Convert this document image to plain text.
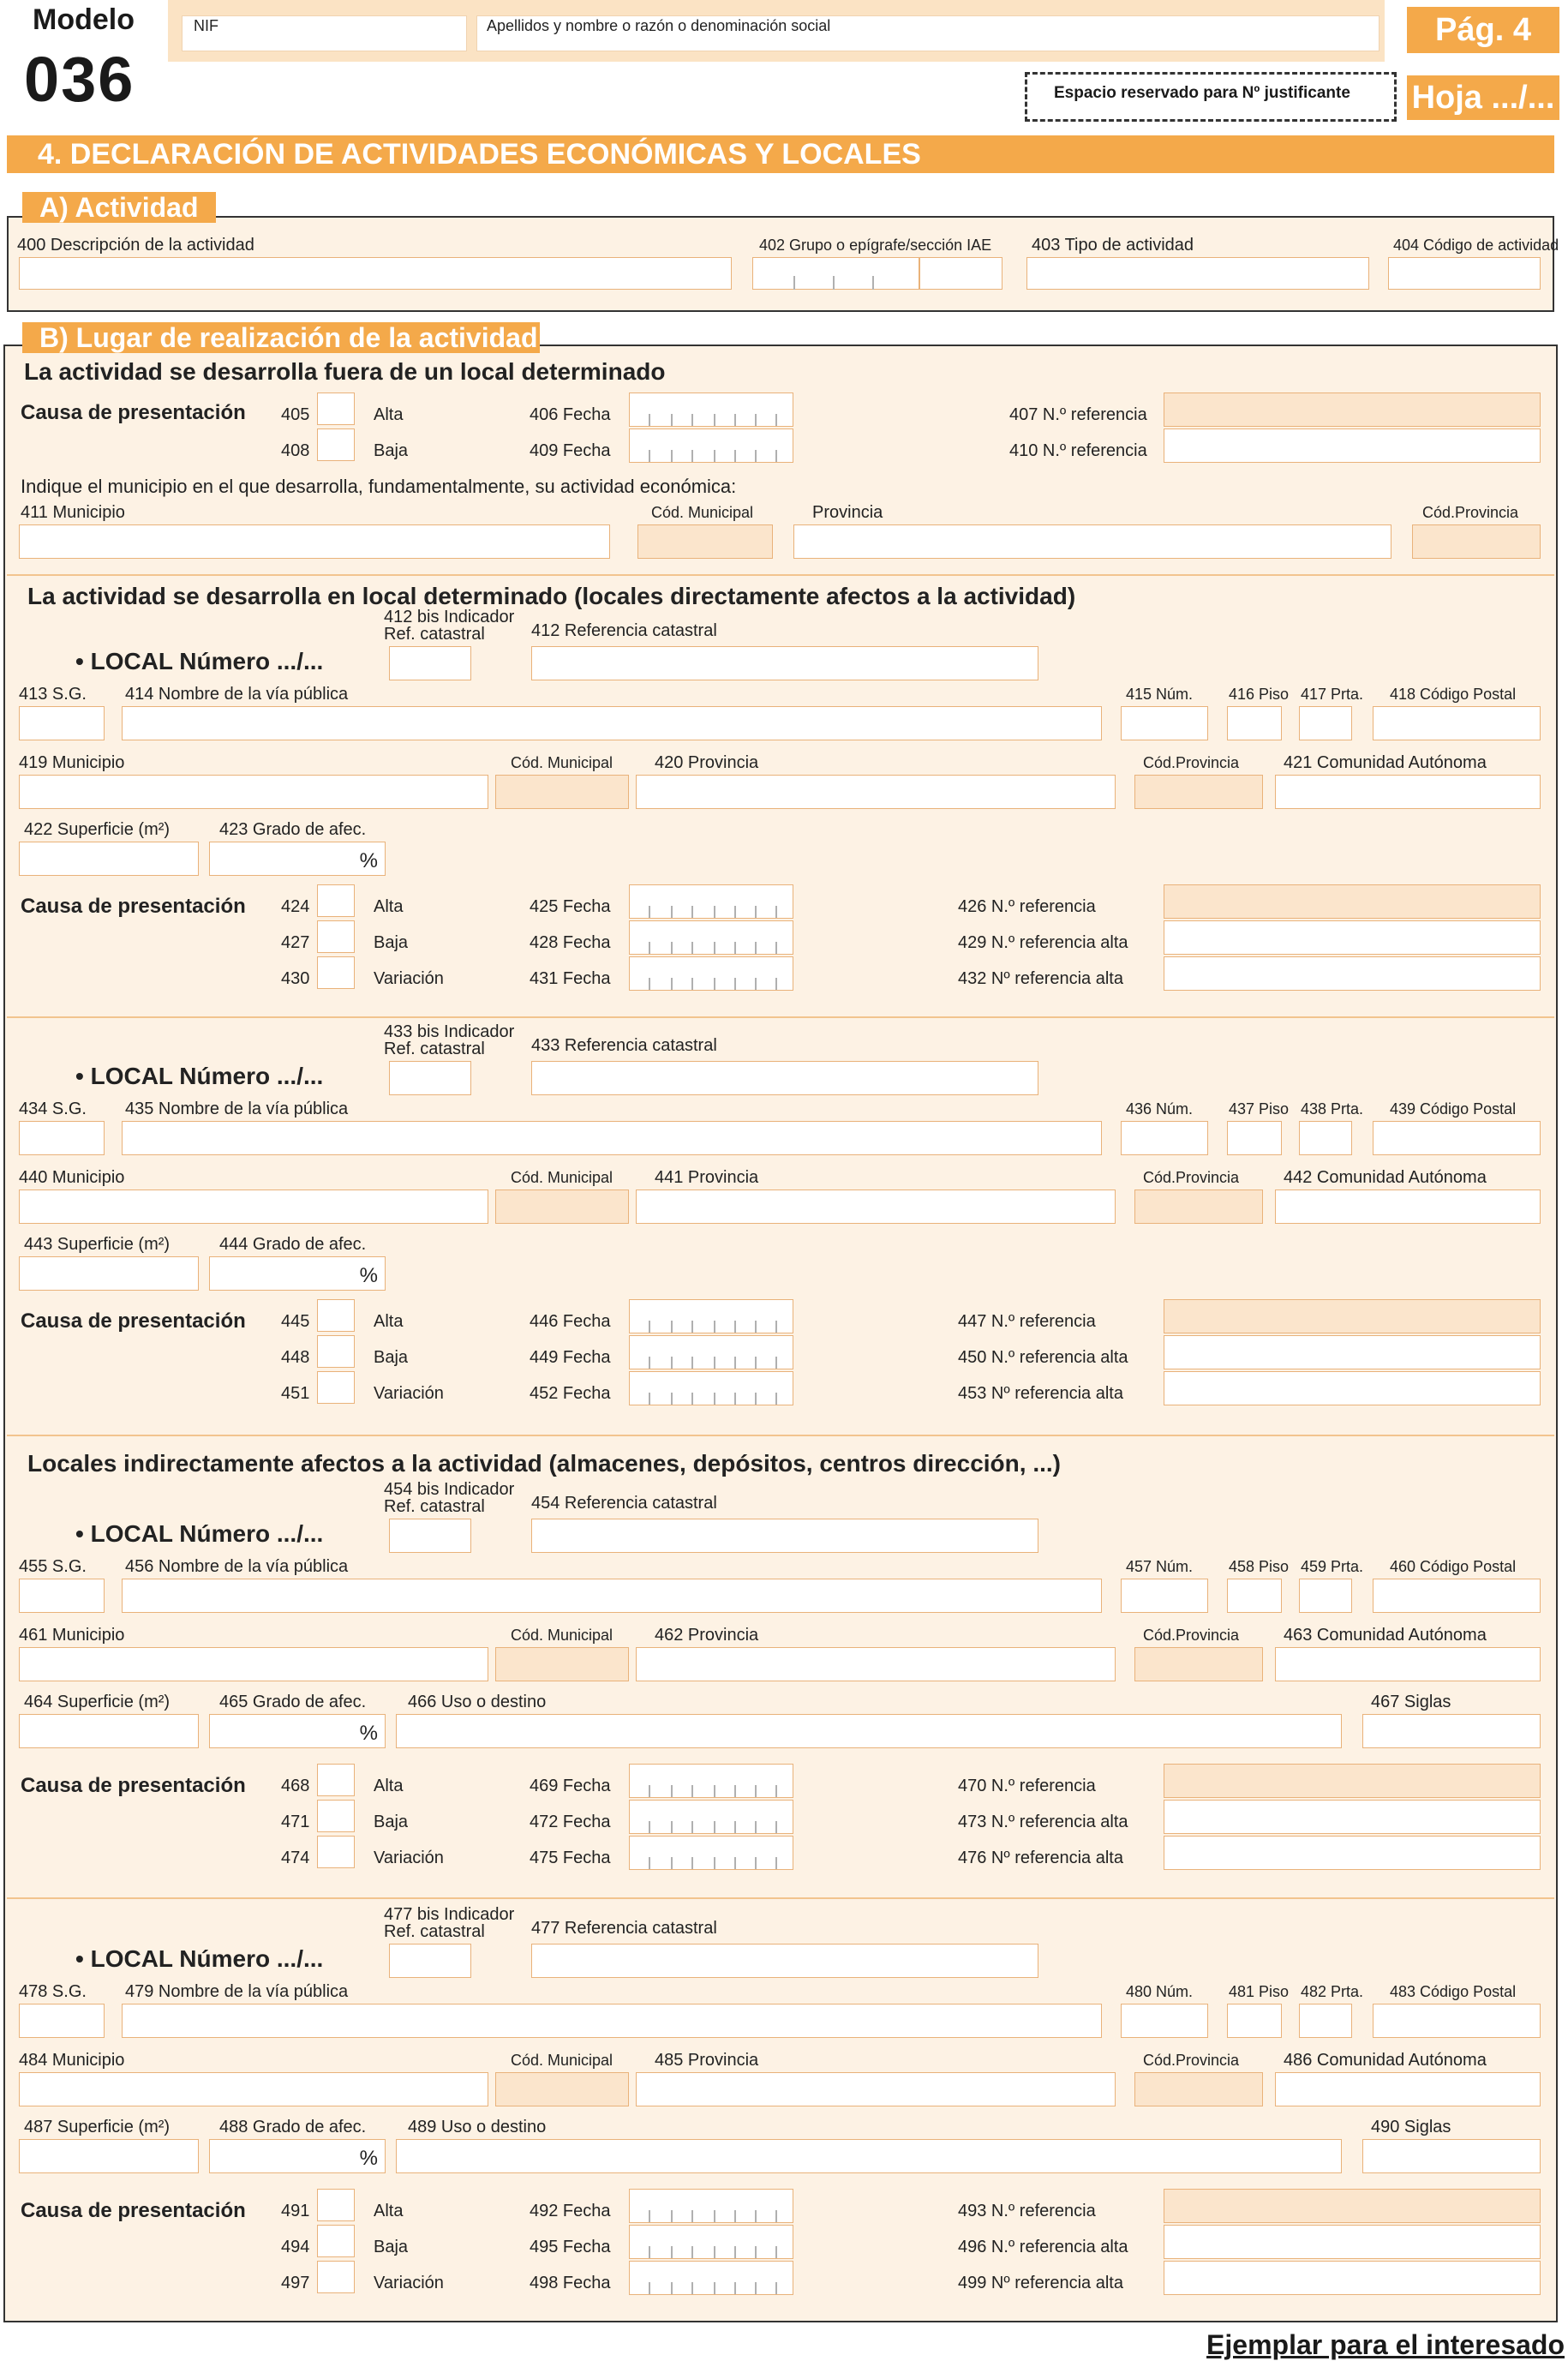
Modelo
036
NIF	Apellidos y nombre o razón o denominación social	Pág. 4
Hoja .../...
Espacio reservado para Nº justificante
4. DECLARACIÓN DE ACTIVIDADES ECONÓMICAS Y LOCALES
A) Actividad
400 Descripción de la actividad	402 Grupo o epígrafe/sección IAE 403 Tipo de actividad	404 Código de actividad
B) Lugar de realización de la actividad
La actividad se desarrolla fuera de un local determinado
Causa de presentación 405	Alta	406 Fecha	407 N.º referencia
408	Baja	409 Fecha	410 N.º referencia
Indique el municipio en el que desarrolla, fundamentalmente, su actividad económica:
411 Municipio	Cód. Municipal	Provincia	Cód.Provincia
La actividad se desarrolla en local determinado (locales directamente afectos a la actividad)
412 bis Indicador
Ref. catastral	412 Referencia catastral
• LOCAL Número .../...
413 S.G. 414 Nombre de la vía pública	415 Núm. 416 Piso 417 Prta. 418 Código Postal
419 Municipio	Cód. Municipal 420 Provincia	Cód.Provincia	421 Comunidad Autónoma
422 Superficie (m²)	423 Grado de afec.
%
Causa de presentación 424	Alta	425 Fecha	426 N.º referencia
427	Baja	428 Fecha	429 N.º referencia alta
430	Variación	431 Fecha	432 Nº referencia alta
433 bis Indicador
Ref. catastral	433 Referencia catastral
• LOCAL Número .../...
434 S.G. 435 Nombre de la vía pública	436 Núm. 437 Piso 438 Prta. 439 Código Postal
440 Municipio	Cód. Municipal 441 Provincia	Cód.Provincia	442 Comunidad Autónoma
443 Superficie (m²)	444 Grado de afec.
%
Causa de presentación 445	Alta	446 Fecha	447 N.º referencia
448	Baja	449 Fecha	450 N.º referencia alta
451	Variación	452 Fecha	453 Nº referencia alta
Locales indirectamente afectos a la actividad (almacenes, depósitos, centros dirección, ...)
454 bis Indicador
Ref. catastral	454 Referencia catastral
• LOCAL Número .../...
455 S.G. 456 Nombre de la vía pública	457 Núm. 458 Piso 459 Prta. 460 Código Postal
461 Municipio	Cód. Municipal 462 Provincia	Cód.Provincia	463 Comunidad Autónoma
464 Superficie (m²)	465 Grado de afec.
%
466 Uso o destino	467 Siglas
Causa de presentación 468	Alta	469 Fecha	470 N.º referencia
471	Baja	472 Fecha	473 N.º referencia alta
474	Variación	475 Fecha	476 Nº referencia alta
477 bis Indicador
Ref. catastral	477 Referencia catastral
• LOCAL Número .../...
478 S.G. 479 Nombre de la vía pública	480 Núm. 481 Piso 482 Prta. 483 Código Postal
484 Municipio	Cód. Municipal 485 Provincia	Cód.Provincia	486 Comunidad Autónoma
487 Superficie (m²)	488 Grado de afec.
%
489 Uso o destino	490 Siglas
Causa de presentación 491	Alta	492 Fecha	493 N.º referencia
494	Baja	495 Fecha	496 N.º referencia alta
497	Variación	498 Fecha	499 Nº referencia alta
Ejemplar para el interesado
